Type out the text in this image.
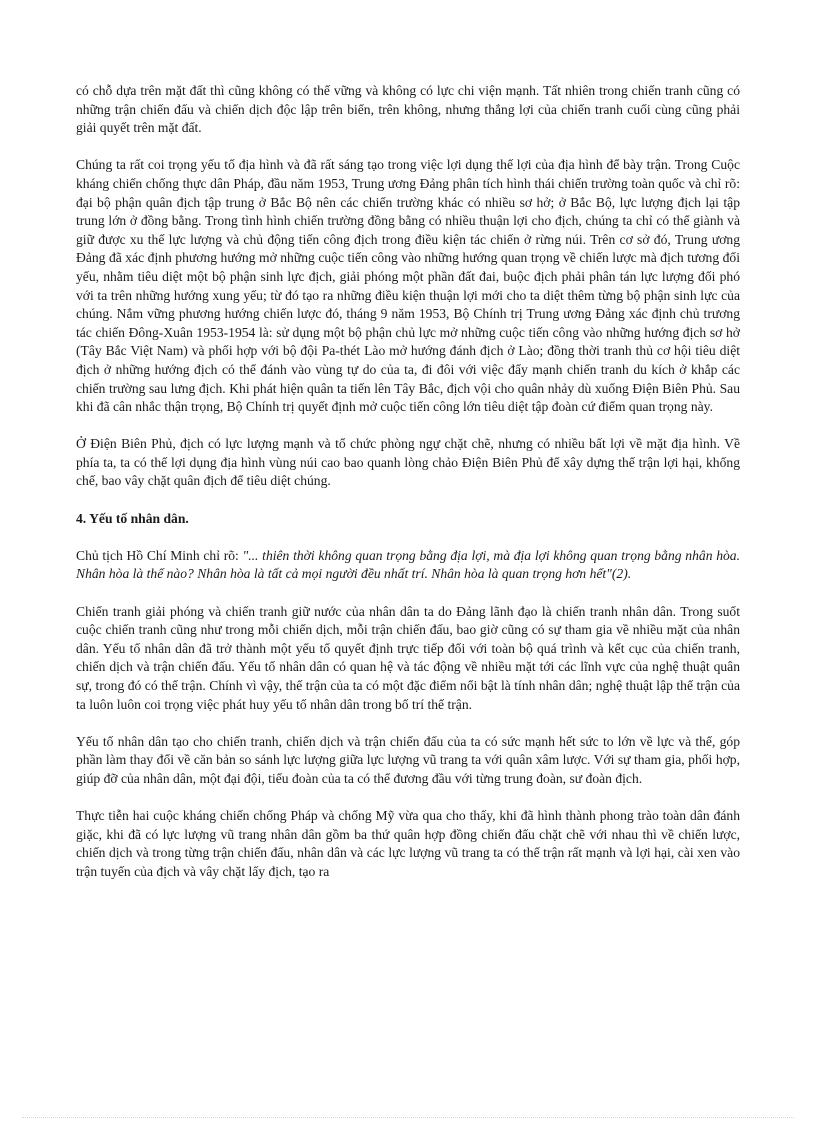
có chỗ dựa trên mặt đất thì cũng không có thế vững và không có lực chi viện mạnh. Tất nhiên trong chiến tranh cũng có những trận chiến đấu và chiến dịch độc lập trên biển, trên không, nhưng thắng lợi của chiến tranh cuối cùng cũng phải giải quyết trên mặt đất.

Chúng ta rất coi trọng yếu tố địa hình và đã rất sáng tạo trong việc lợi dụng thế lợi của địa hình để bày trận. Trong Cuộc kháng chiến chống thực dân Pháp, đầu năm 1953, Trung ương Đảng phân tích hình thái chiến trường toàn quốc và chỉ rõ: đại bộ phận quân địch tập trung ở Bắc Bộ nên các chiến trường khác có nhiều sơ hở; ở Bắc Bộ, lực lượng địch lại tập trung lớn ở đồng bằng. Trong tình hình chiến trường đồng bằng có nhiều thuận lợi cho địch, chúng ta chỉ có thể giành và giữ được xu thế lực lượng và chủ động tiến công địch trong điều kiện tác chiến ở rừng núi. Trên cơ sở đó, Trung ương Đảng đã xác định phương hướng mở những cuộc tiến công vào những hướng quan trọng về chiến lược mà địch tương đối yếu, nhằm tiêu diệt một bộ phận sinh lực địch, giải phóng một phần đất đai, buộc địch phải phân tán lực lượng đối phó với ta trên những hướng xung yếu; từ đó tạo ra những điều kiện thuận lợi mới cho ta diệt thêm từng bộ phận sinh lực của chúng. Nắm vững phương hướng chiến lược đó, tháng 9 năm 1953, Bộ Chính trị Trung ương Đảng xác định chủ trương tác chiến Đông-Xuân 1953-1954 là: sử dụng một bộ phận chủ lực mở những cuộc tiến công vào những hướng địch sơ hở (Tây Bắc Việt Nam) và phối hợp với bộ đội Pa-thét Lào mở hướng đánh địch ở Lào; đồng thời tranh thủ cơ hội tiêu diệt địch ở những hướng địch có thể đánh vào vùng tự do của ta, đi đôi với việc đẩy mạnh chiến tranh du kích ở khắp các chiến trường sau lưng địch. Khi phát hiện quân ta tiến lên Tây Bắc, địch vội cho quân nhảy dù xuống Điện Biên Phủ. Sau khi đã cân nhắc thận trọng, Bộ Chính trị quyết định mở cuộc tiến công lớn tiêu diệt tập đoàn cứ điểm quan trọng này.

Ở Điện Biên Phủ, địch có lực lượng mạnh và tổ chức phòng ngự chặt chẽ, nhưng có nhiều bất lợi về mặt địa hình. Về phía ta, ta có thế lợi dụng địa hình vùng núi cao bao quanh lòng chảo Điện Biên Phủ để xây dựng thế trận lợi hại, khống chế, bao vây chặt quân địch để tiêu diệt chúng.

4. Yếu tố nhân dân.

Chủ tịch Hồ Chí Minh chỉ rõ: "... thiên thời không quan trọng bằng địa lợi, mà địa lợi không quan trọng bằng nhân hòa. Nhân hòa là thế nào? Nhân hòa là tất cả mọi người đều nhất trí. Nhân hòa là quan trọng hơn hết"(2).

Chiến tranh giải phóng và chiến tranh giữ nước của nhân dân ta do Đảng lãnh đạo là chiến tranh nhân dân. Trong suốt cuộc chiến tranh cũng như trong mỗi chiến dịch, mỗi trận chiến đấu, bao giờ cũng có sự tham gia về nhiều mặt của nhân dân. Yếu tố nhân dân đã trở thành một yếu tố quyết định trực tiếp đối với toàn bộ quá trình và kết cục của chiến tranh, chiến dịch và trận chiến đấu. Yếu tố nhân dân có quan hệ và tác động về nhiều mặt tới các lĩnh vực của nghệ thuật quân sự, trong đó có thế trận. Chính vì vậy, thế trận của ta có một đặc điểm nổi bật là tính nhân dân; nghệ thuật lập thế trận của ta luôn luôn coi trọng việc phát huy yếu tố nhân dân trong bố trí thế trận.

Yếu tố nhân dân tạo cho chiến tranh, chiến dịch và trận chiến đấu của ta có sức mạnh hết sức to lớn về lực và thế, góp phần làm thay đổi về căn bản so sánh lực lượng giữa lực lượng vũ trang ta với quân xâm lược. Với sự tham gia, phối hợp, giúp đỡ của nhân dân, một đại đội, tiểu đoàn của ta có thể đương đầu với từng trung đoàn, sư đoàn địch.

Thực tiễn hai cuộc kháng chiến chống Pháp và chống Mỹ vừa qua cho thấy, khi đã hình thành phong trào toàn dân đánh giặc, khi đã có lực lượng vũ trang nhân dân gồm ba thứ quân hợp đồng chiến đấu chặt chẽ với nhau thì về chiến lược, chiến dịch và trong từng trận chiến đấu, nhân dân và các lực lượng vũ trang ta có thế trận rất mạnh và lợi hại, cài xen vào trận tuyến của địch và vây chặt lấy địch, tạo ra
